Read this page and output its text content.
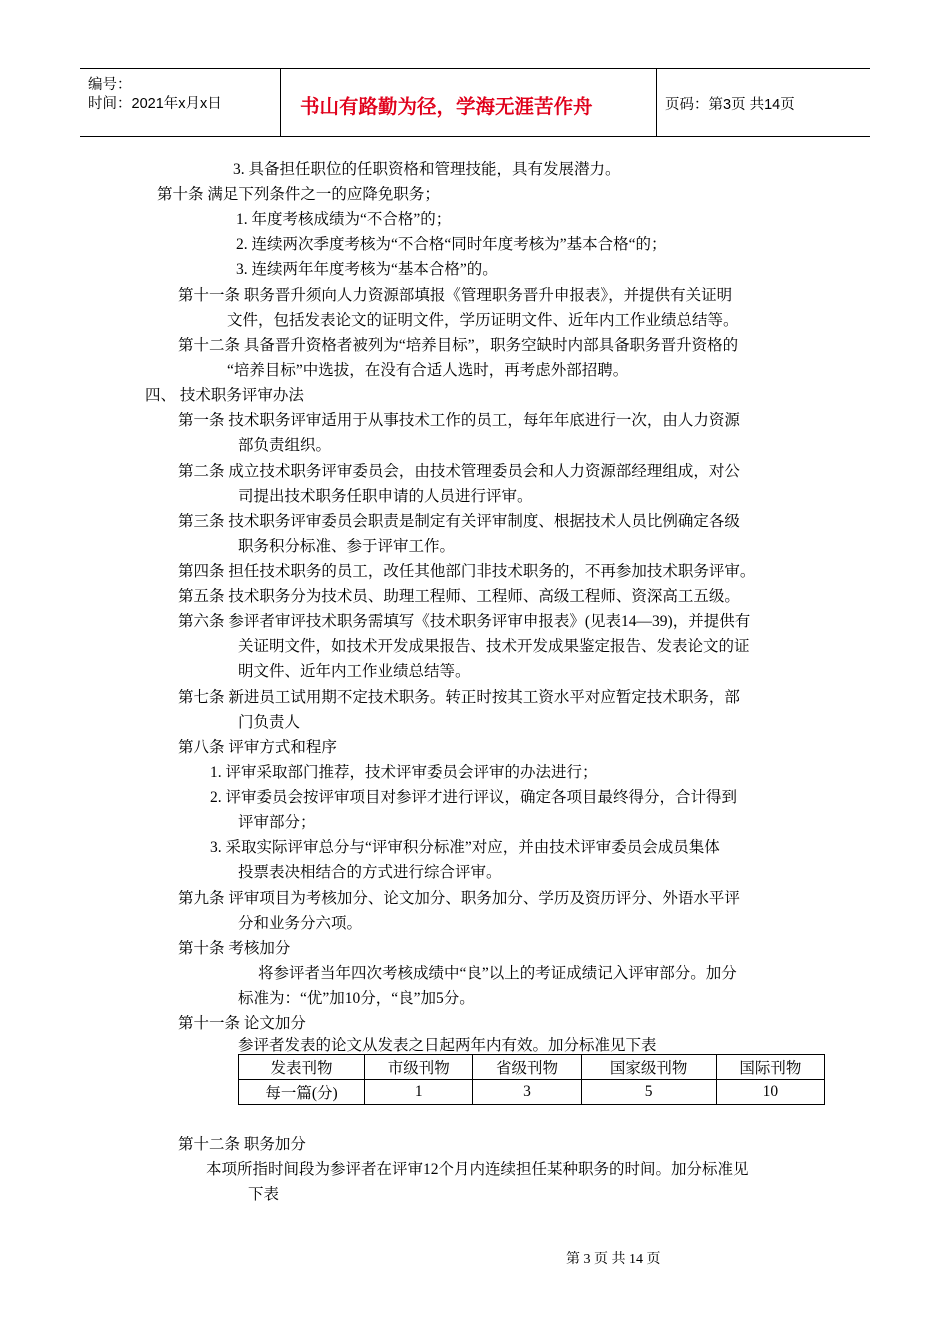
编号：
时间：2021年x月x日	书山有路勤为径，学海无涯苦作舟	页码：第3页 共14页
3. 具备担任职位的任职资格和管理技能，具有发展潜力。
第十条 满足下列条件之一的应降免职务；
1. 年度考核成绩为“不合格”的；
2. 连续两次季度考核为“不合格“同时年度考核为”基本合格“的；
3. 连续两年年度考核为“基本合格”的。
第十一条 职务晋升须向人力资源部填报《管理职务晋升申报表》，并提供有关证明
文件，包括发表论文的证明文件，学历证明文件、近年内工作业绩总结等。
第十二条 具备晋升资格者被列为“培养目标”，职务空缺时内部具备职务晋升资格的
“培养目标”中选拔，在没有合适人选时，再考虑外部招聘。
四、 技术职务评审办法
第一条 技术职务评审适用于从事技术工作的员工，每年年底进行一次，由人力资源
部负责组织。
第二条 成立技术职务评审委员会，由技术管理委员会和人力资源部经理组成，对公
司提出技术职务任职申请的人员进行评审。
第三条 技术职务评审委员会职责是制定有关评审制度、根据技术人员比例确定各级
职务积分标准、参于评审工作。
第四条 担任技术职务的员工，改任其他部门非技术职务的，不再参加技术职务评审。
第五条 技术职务分为技术员、助理工程师、工程师、高级工程师、资深高工五级。
第六条 参评者审评技术职务需填写《技术职务评审申报表》(见表14—39)，并提供有
关证明文件，如技术开发成果报告、技术开发成果鉴定报告、发表论文的证
明文件、近年内工作业绩总结等。
第七条 新进员工试用期不定技术职务。转正时按其工资水平对应暂定技术职务，部
门负责人
第八条 评审方式和程序
1. 评审采取部门推荐，技术评审委员会评审的办法进行；
2. 评审委员会按评审项目对参评才进行评议，确定各项目最终得分，合计得到
评审部分；
3. 采取实际评审总分与“评审积分标准”对应，并由技术评审委员会成员集体
投票表决相结合的方式进行综合评审。
第九条 评审项目为考核加分、论文加分、职务加分、学历及资历评分、外语水平评
分和业务分六项。
第十条 考核加分
将参评者当年四次考核成绩中“良”以上的考证成绩记入评审部分。加分
标准为：“优”加10分，“良”加5分。
第十一条 论文加分
参评者发表的论文从发表之日起两年内有效。加分标准见下表
发表刊物	市级刊物	省级刊物	国家级刊物	国际刊物
每一篇(分)	1	3	5	10
第十二条 职务加分
本项所指时间段为参评者在评审12个月内连续担任某种职务的时间。加分标准见
下表
第 3 页 共 14 页
